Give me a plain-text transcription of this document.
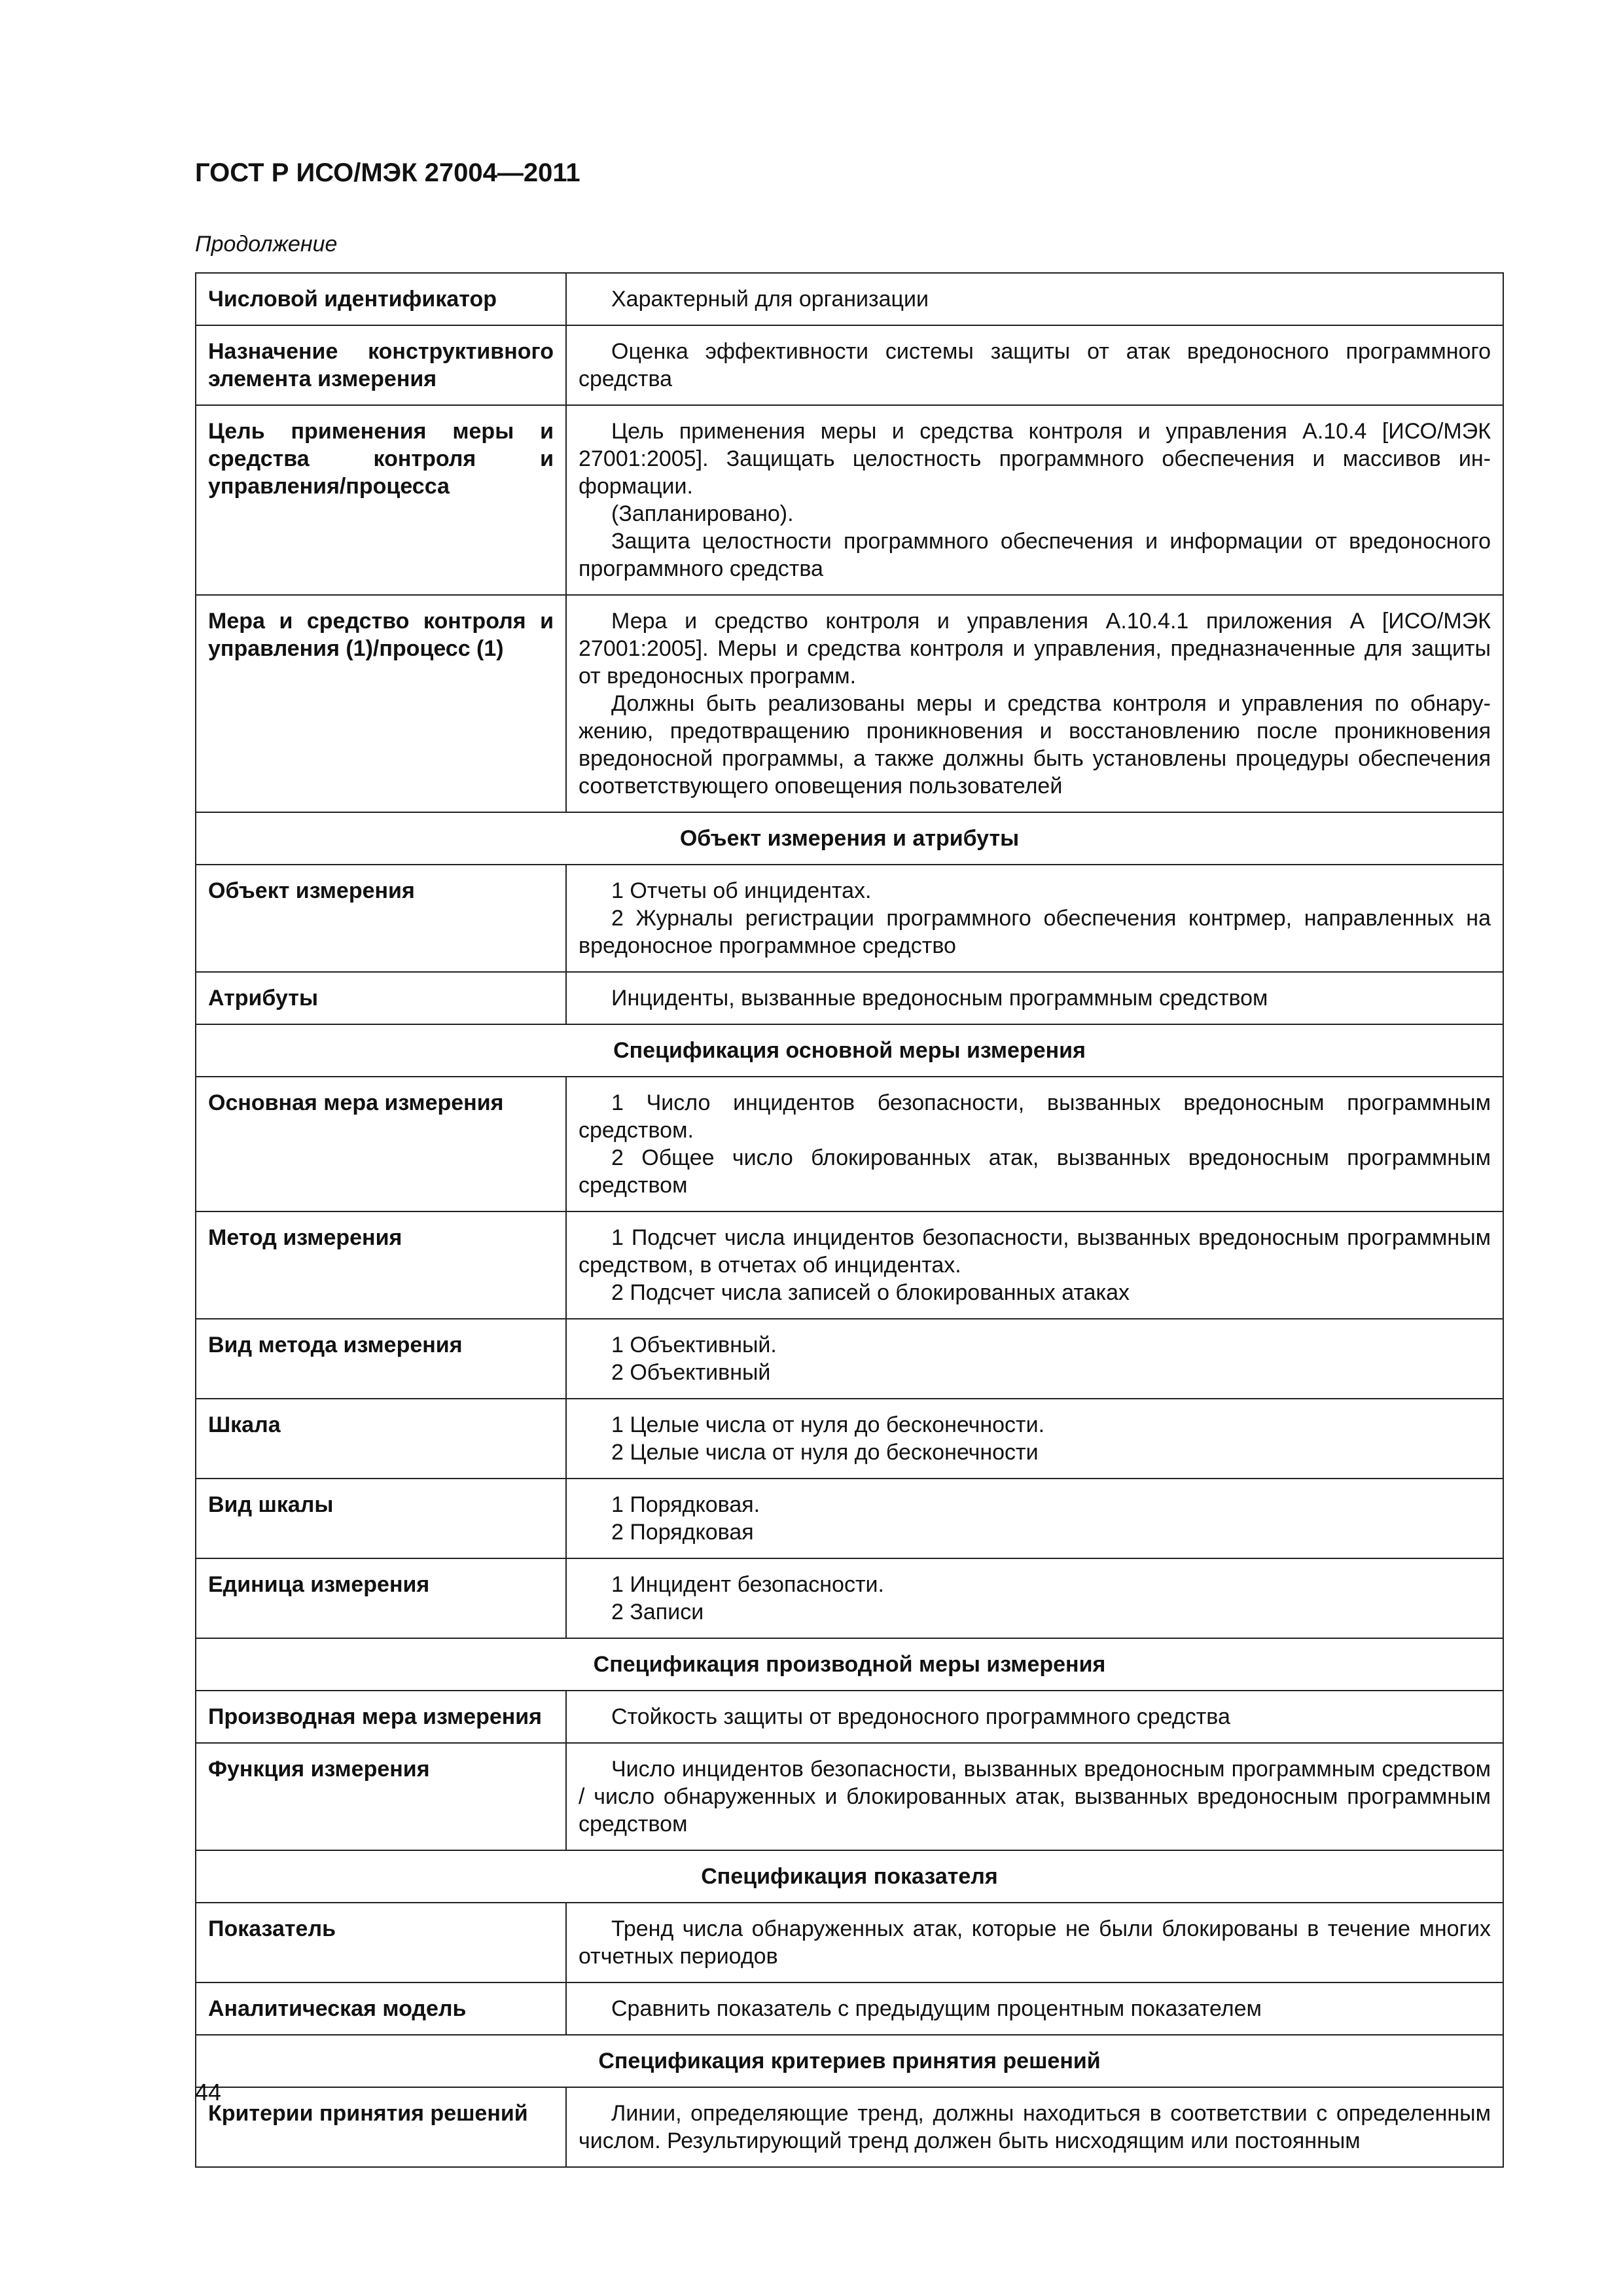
ГОСТ Р ИСО/МЭК 27004—2011
Продолжение
Числовой идентификатор	Характерный для организации

Назначение конструктивного элемента измерения	Оценка эффективности системы защиты от атак вредоносного программного средства

Цель применения меры и средства контроля и управления/процесса	Цель применения меры и средства контроля и управления А.10.4 [ИСО/МЭК 27001:2005]. Защищать целостность программного обеспечения и массивов информации.
(Запланировано).
Защита целостности программного обеспечения и информации от вредоносного программного средства

Мера и средство контроля и управления (1)/процесс (1)	Мера и средство контроля и управления А.10.4.1 приложения А [ИСО/МЭК 27001:2005]. Меры и средства контроля и управления, предназначенные для защиты от вредоносных программ.
Должны быть реализованы меры и средства контроля и управления по обнаружению, предотвращению проникновения и восстановлению после проникновения вредоносной программы, а также должны быть установлены процедуры обеспечения соответствующего оповещения пользователей

Объект измерения и атрибуты	
Объект измерения	1 Отчеты об инцидентах.
2 Журналы регистрации программного обеспечения контрмер, направленных на вредоносное программное средство

Атрибуты	Инциденты, вызванные вредоносным программным средством

Спецификация основной меры измерения	
Основная мера измерения	1 Число инцидентов безопасности, вызванных вредоносным программным средством.
2 Общее число блокированных атак, вызванных вредоносным программным средством

Метод измерения	1 Подсчет числа инцидентов безопасности, вызванных вредоносным программным средством, в отчетах об инцидентах.
2 Подсчет числа записей о блокированных атаках

Вид метода измерения	1 Объективный.
2 Объективный

Шкала	1 Целые числа от нуля до бесконечности.
2 Целые числа от нуля до бесконечности

Вид шкалы	1 Порядковая.
2 Порядковая

Единица измерения	1 Инцидент безопасности.
2 Записи

Спецификация производной меры измерения	
Производная мера измерения	Стойкость защиты от вредоносного программного средства

Функция измерения	Число инцидентов безопасности, вызванных вредоносным программным средством / число обнаруженных и блокированных атак, вызванных вредоносным программным средством

Спецификация показателя	
Показатель	Тренд числа обнаруженных атак, которые не были блокированы в течение многих отчетных периодов

Аналитическая модель	Сравнить показатель с предыдущим процентным показателем

Спецификация критериев принятия решений	
Критерии принятия решений	Линии, определяющие тренд, должны находиться в соответствии с определенным числом. Результирующий тренд должен быть нисходящим или постоянным
44
